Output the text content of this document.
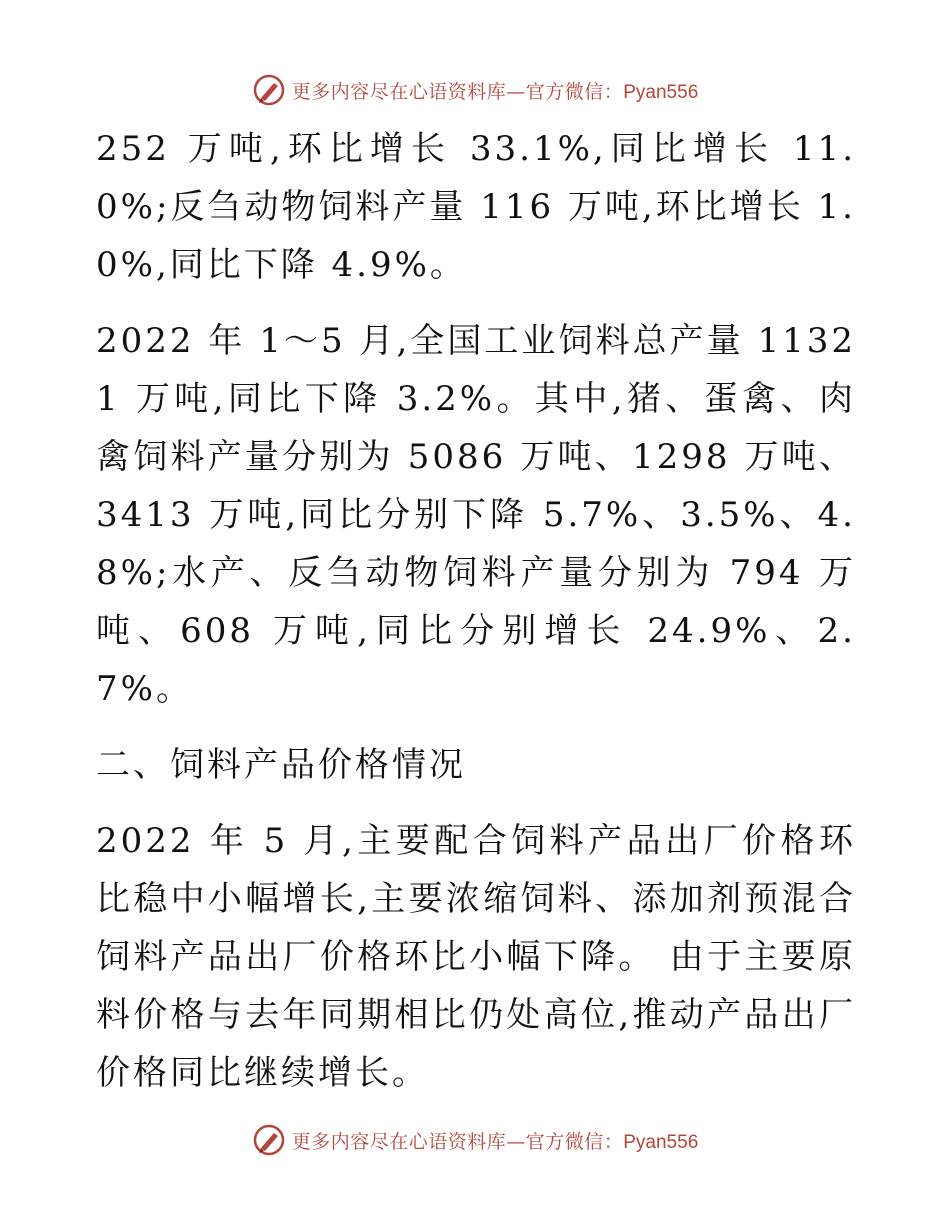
更多内容尽在心语资料库—官方微信：Pyan556

252 万吨,环比增长 33.1%,同比增长 11.0%;反刍动物饲料产量 116 万吨,环比增长 1.0%,同比下降 4.9%。

2022 年 1～5 月,全国工业饲料总产量 11321 万吨,同比下降 3.2%。其中,猪、蛋禽、肉禽饲料产量分别为 5086 万吨、1298 万吨、3413 万吨,同比分别下降 5.7%、3.5%、4.8%;水产、反刍动物饲料产量分别为 794 万吨、608 万吨,同比分别增长 24.9%、2.7%。

二、饲料产品价格情况

2022 年 5 月,主要配合饲料产品出厂价格环比稳中小幅增长,主要浓缩饲料、添加剂预混合饲料产品出厂价格环比小幅下降。 由于主要原料价格与去年同期相比仍处高位,推动产品出厂价格同比继续增长。

更多内容尽在心语资料库—官方微信：Pyan556
